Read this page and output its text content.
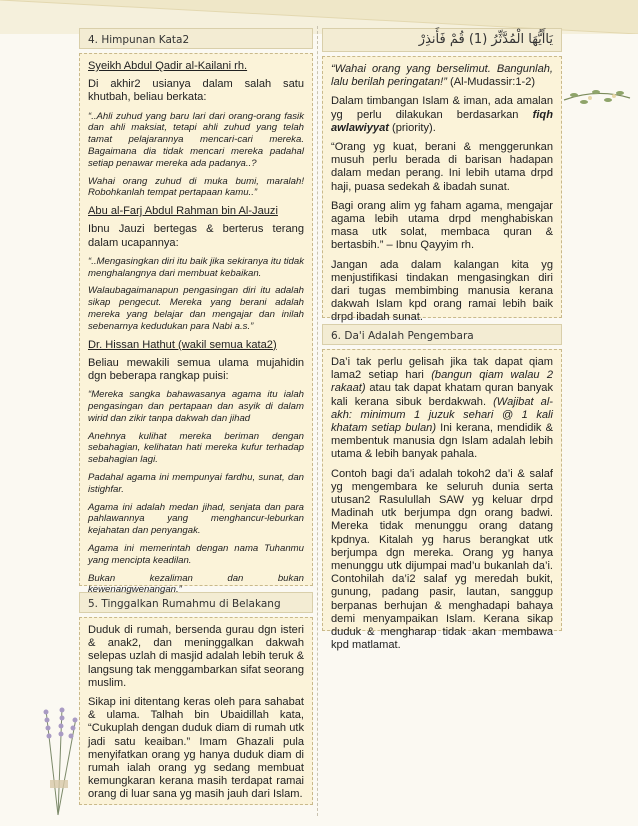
4. Himpunan Kata2

Syeikh Abdul Qadir al-Kailani rh.

Di akhir2 usianya dalam salah satu khutbah, beliau berkata:

“..Ahli zuhud yang baru lari dari orang-orang fasik dan ahli maksiat, tetapi ahli zuhud yang telah tamat pelajarannya mencari-cari mereka. Bagaimana dia tidak mencari mereka padahal setiap penawar mereka ada padanya..?

Wahai orang zuhud di muka bumi, maralah! Robohkanlah tempat pertapaan kamu..”

Abu al-Farj Abdul Rahman bin Al-Jauzi

Ibnu Jauzi bertegas & berterus terang dalam ucapannya:

“..Mengasingkan diri itu baik jika sekiranya itu tidak menghalangnya dari membuat kebaikan.

Walaubagaimanapun pengasingan diri itu adalah sikap pengecut. Mereka yang berani adalah mereka yang belajar dan mengajar dan inilah sebenarnya kedudukan para Nabi a.s.”

Dr. Hissan Hathut (wakil semua kata2)

Beliau mewakili semua ulama mujahidin dgn beberapa rangkap puisi:

“Mereka sangka bahawasanya agama itu ialah pengasingan dan pertapaan dan asyik di dalam wirid dan zikir tanpa dakwah dan jihad

Anehnya kulihat mereka beriman dengan sebahagian, kelihatan hati mereka kufur terhadap sebahagian lagi.

Padahal agama ini mempunyai fardhu, sunat, dan istighfar.

Agama ini adalah medan jihad, senjata dan para pahlawannya yang menghancur-leburkan kejahatan dan penyangak.

Agama ini memerintah dengan nama Tuhanmu yang mencipta keadilan.

Bukan kezaliman dan bukan kewenangwenangan.”

5. Tinggalkan Rumahmu di Belakang

Duduk di rumah, bersenda gurau dgn isteri & anak2, dan meninggalkan dakwah selepas uzlah di masjid adalah lebih teruk & langsung tak menggambarkan sifat seorang muslim.

Sikap ini ditentang keras oleh para sahabat & ulama. Talhah bin Ubaidillah kata, “Cukuplah dengan duduk diam di rumah utk jadi satu keaiban.” Imam Ghazali pula menyifatkan orang yg hanya duduk diam di rumah ialah orang yg sedang membuat kemungkaran kerana masih terdapat ramai orang di luar sana yg masih jauh dari Islam.

يَاأَيُّهَا الْمُدَّثِّرُ (1) قُمْ فَأَنذِرْ

“Wahai orang yang berselimut. Bangunlah, lalu berilah peringatan!” (Al-Mudassir:1-2)

Dalam timbangan Islam & iman, ada amalan yg perlu dilakukan berdasarkan fiqh awlawiyyat (priority).

“Orang yg kuat, berani & menggerunkan musuh perlu berada di barisan hadapan dalam medan perang. Ini lebih utama drpd haji, puasa sedekah & ibadah sunat.

Bagi orang alim yg faham agama, mengajar agama lebih utama drpd menghabiskan masa utk solat, membaca quran & bertasbih.” – Ibnu Qayyim rh.

Jangan ada dalam kalangan kita yg menjustifikasi tindakan mengasingkan diri dari tugas membimbing manusia kerana dakwah Islam kpd orang ramai lebih baik drpd ibadah sunat.

6. Da'i Adalah Pengembara

Da’i tak perlu gelisah jika tak dapat qiam lama2 setiap hari (bangun qiam walau 2 rakaat) atau tak dapat khatam quran banyak kali kerana sibuk berdakwah. (Wajibat al-akh: minimum 1 juzuk sehari @ 1 kali khatam setiap bulan) Ini kerana, mendidik & membentuk manusia dgn Islam adalah lebih utama & lebih banyak pahala.

Contoh bagi da’i adalah tokoh2 da’i & salaf yg mengembara ke seluruh dunia serta utusan2 Rasulullah SAW yg keluar drpd Madinah utk berjumpa dgn orang badwi. Mereka tidak menunggu orang datang kpdnya. Kitalah yg harus berangkat utk berjumpa dgn mereka. Orang yg hanya menunggu utk dijumpai mad’u bukanlah da’i. Contohilah da’i2 salaf yg meredah bukit, gunung, padang pasir, lautan, sanggup berpanas berhujan & menghadapi bahaya demi menyampaikan Islam. Kerana sikap duduk & mengharap tidak akan membawa kpd matlamat.
